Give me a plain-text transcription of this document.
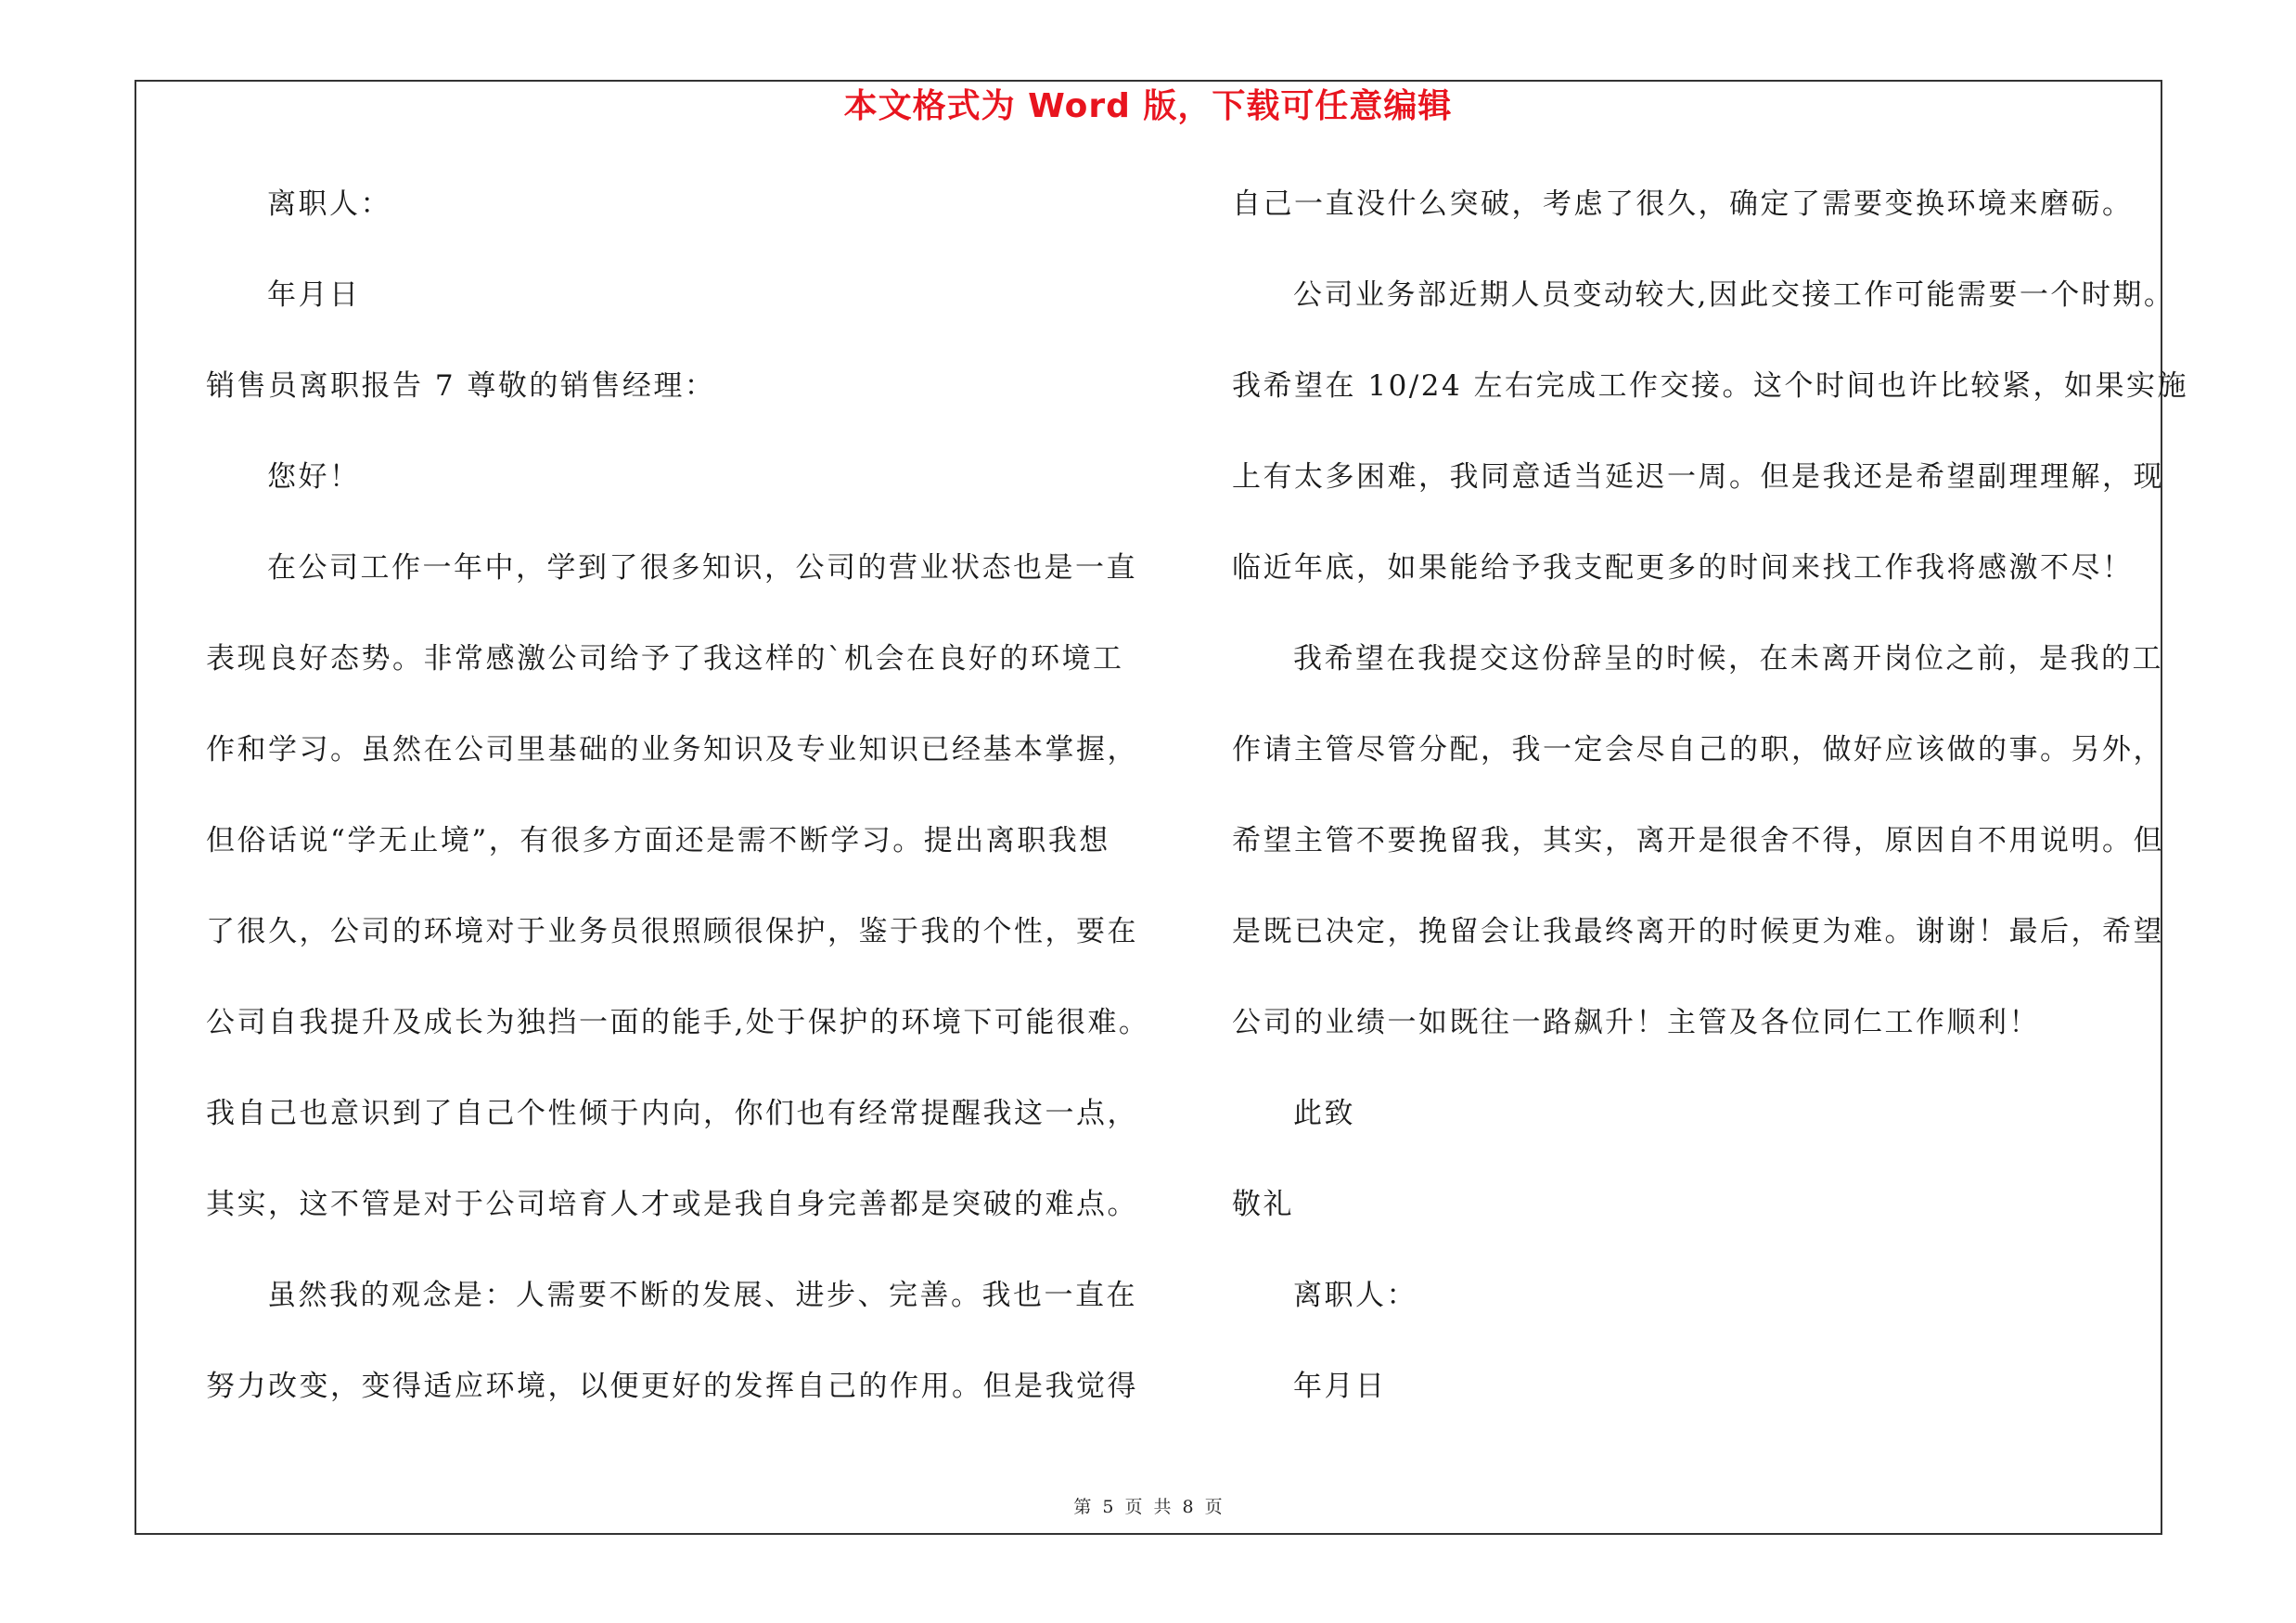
本文格式为 Word 版，下载可任意编辑
离职人：
年月日
销售员离职报告 7 尊敬的销售经理：
您好！
在公司工作一年中，学到了很多知识，公司的营业状态也是一直
表现良好态势。非常感激公司给予了我这样的`机会在良好的环境工
作和学习。虽然在公司里基础的业务知识及专业知识已经基本掌握，
但俗话说“学无止境”，有很多方面还是需不断学习。提出离职我想
了很久，公司的环境对于业务员很照顾很保护，鉴于我的个性，要在
公司自我提升及成长为独挡一面的能手,处于保护的环境下可能很难。
我自己也意识到了自己个性倾于内向，你们也有经常提醒我这一点，
其实，这不管是对于公司培育人才或是我自身完善都是突破的难点。
虽然我的观念是：人需要不断的发展、进步、完善。我也一直在
努力改变，变得适应环境，以便更好的发挥自己的作用。但是我觉得
自己一直没什么突破，考虑了很久，确定了需要变换环境来磨砺。
公司业务部近期人员变动较大,因此交接工作可能需要一个时期。
我希望在 10/24 左右完成工作交接。这个时间也许比较紧，如果实施
上有太多困难，我同意适当延迟一周。但是我还是希望副理理解，现
临近年底，如果能给予我支配更多的时间来找工作我将感激不尽！
我希望在我提交这份辞呈的时候，在未离开岗位之前，是我的工
作请主管尽管分配，我一定会尽自己的职，做好应该做的事。另外，
希望主管不要挽留我，其实，离开是很舍不得，原因自不用说明。但
是既已决定，挽留会让我最终离开的时候更为难。谢谢！最后，希望
公司的业绩一如既往一路飙升！主管及各位同仁工作顺利！
此致
敬礼
离职人：
年月日
第 5 页 共 8 页
